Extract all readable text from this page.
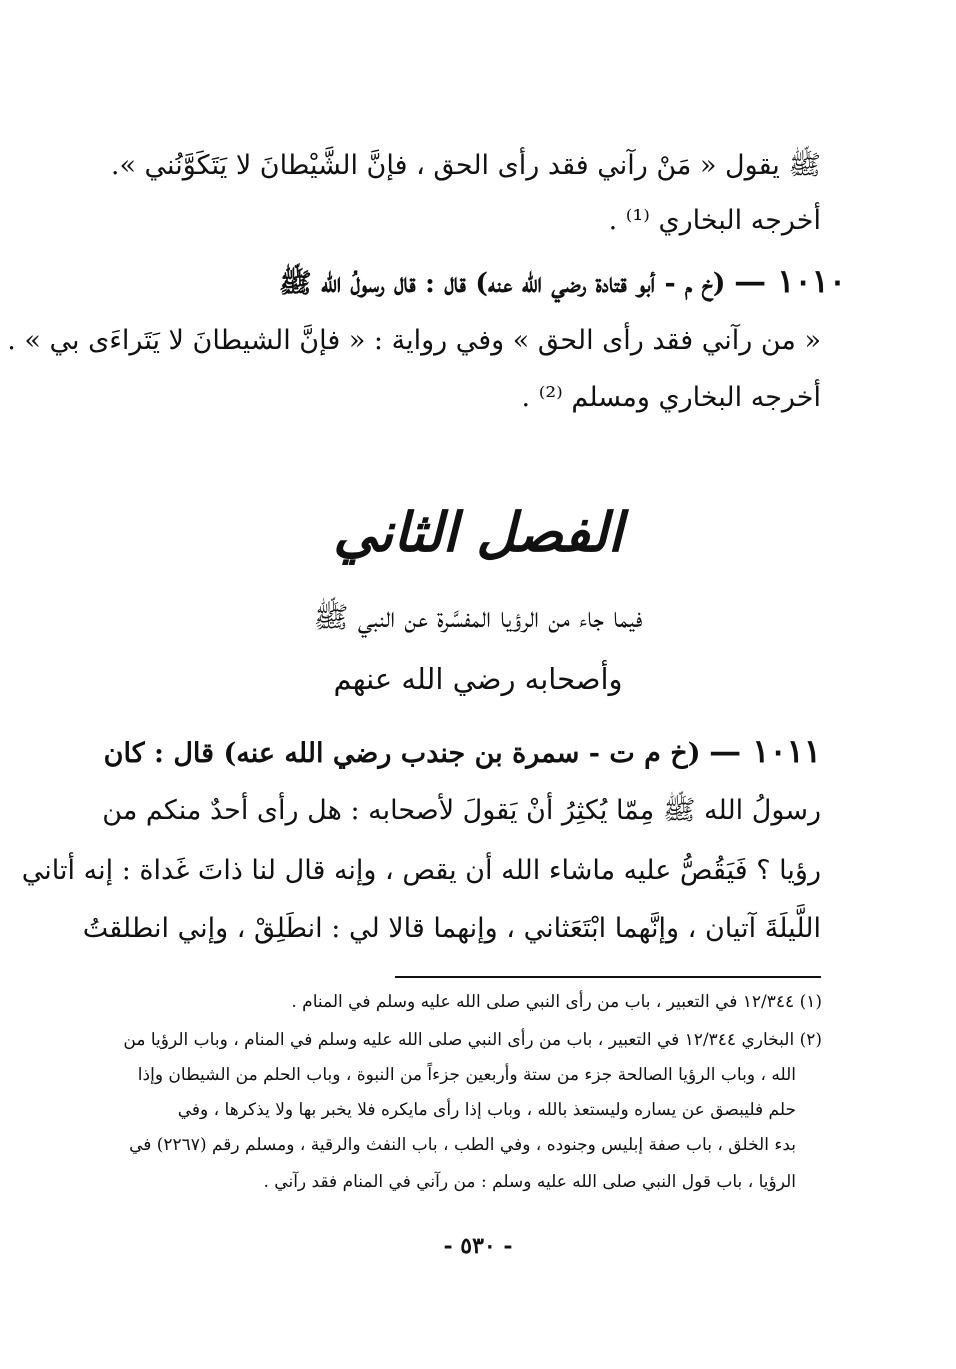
ﷺ يقول « مَنْ رآني فقد رأى الحق ، فإنَّ الشَّيْطانَ لا يَتَكَوَّنُني ».
أخرجه البخاري ⁽¹⁾ .
١٠١٠ — (خ م - أبو قتادة رضي الله عنه) قال : قال رسولُ الله ﷺ
« من رآني فقد رأى الحق » وفي رواية : « فإنَّ الشيطانَ لا يَتَراءَى بي » .
أخرجه البخاري ومسلم ⁽²⁾ .
الفصل الثاني
فيما جاء من الرؤيا المفسَّرة عن النبي ﷺ
وأصحابه رضي الله عنهم
١٠١١ — (خ م ت - سمرة بن جندب رضي الله عنه) قال : كان
رسولُ الله ﷺ مِمّا يُكثِرُ أنْ يَقولَ لأصحابه : هل رأى أحدٌ منكم من
رؤيا ؟ فَيَقُصُّ عليه ماشاء الله أن يقص ، وإنه قال لنا ذاتَ غَداة : إنه أتاني
اللَّيلَةَ آتيان ، وإنَّهما ابْتَعَثاني ، وإنهما قالا لي : انطَلِقْ ، وإني انطلقتُ
(١) ١٢/٣٤٤ في التعبير ، باب من رأى النبي صلى الله عليه وسلم في المنام .
(٢) البخاري ١٢/٣٤٤ في التعبير ، باب من رأى النبي صلى الله عليه وسلم في المنام ، وباب الرؤيا من
الله ، وباب الرؤيا الصالحة جزء من ستة وأربعين جزءاً من النبوة ، وباب الحلم من الشيطان وإذا
حلم فليبصق عن يساره وليستعذ بالله ، وباب إذا رأى مايكره فلا يخبر بها ولا يذكرها ، وفي
بدء الخلق ، باب صفة إبليس وجنوده ، وفي الطب ، باب النفث والرقية ، ومسلم رقم (٢٢٦٧) في
الرؤيا ، باب قول النبي صلى الله عليه وسلم : من رآني في المنام فقد رآني .
- ٥٣٠ -
